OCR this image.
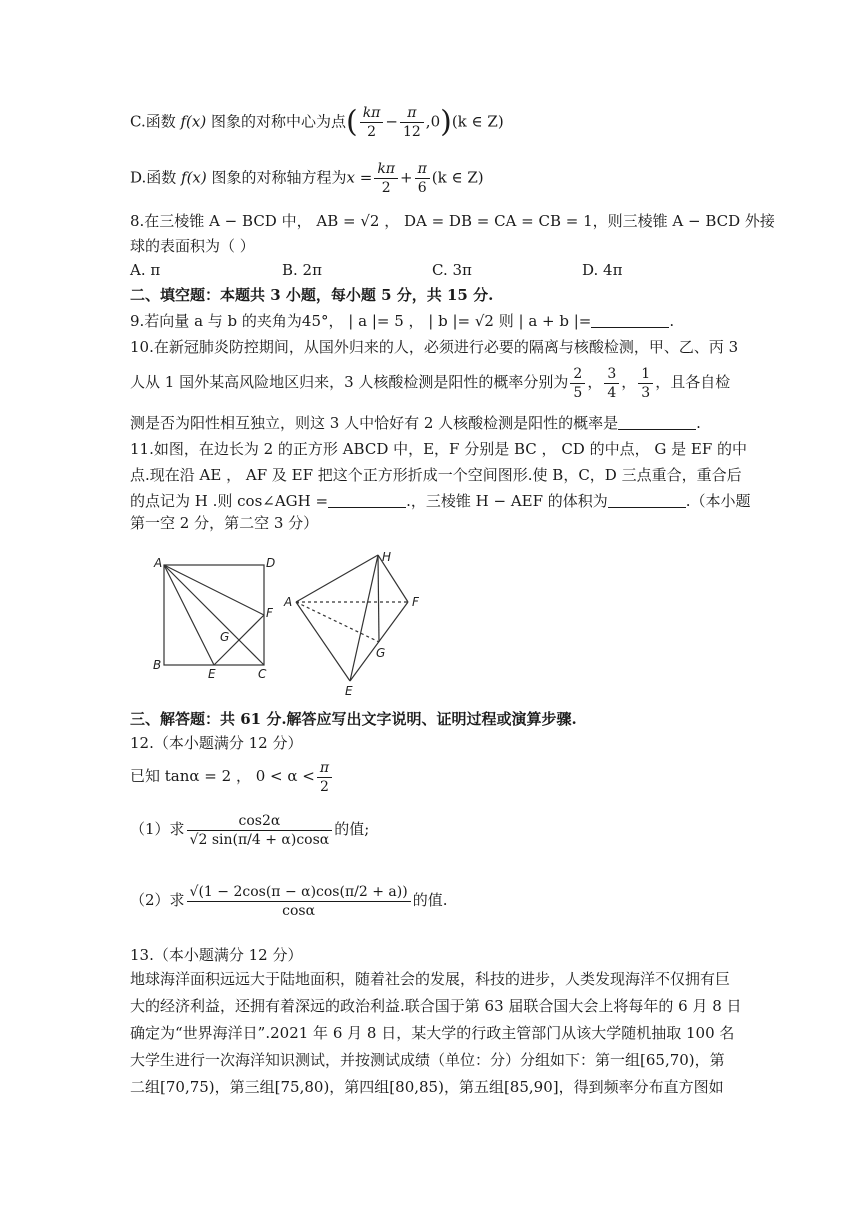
C.函数 f(x) 图象的对称中心为点( $\frac{k\pi}{2} - \frac{\pi}{12} ,0)(k$ ∈ Z)
D.函数 f(x) 图象的对称轴方程为$x = \frac{k\pi}{2} + \frac{\pi}{6} (k$ ∈ Z)
8.在三棱锥 A − BCD 中， AB = √2 ， DA = DB = CA = CB = 1，则三棱锥 A − BCD 外接
球的表面积为（ ）
A. π	B. 2π	C. 3π	D. 4π
二、填空题：本题共 3 小题，每小题 5 分，共 15 分.
9.若向量 a 与 b 的夹角为45°， | a |= 5 ， | b |= √2 则 | a + b |=	.
10.在新冠肺炎防控期间，从国外归来的人，必须进行必要的隔离与核酸检测，甲、乙、丙 3
人从 1 国外某高风险地区归来，3 人核酸检测是阳性的概率分别为 $\frac{2}{5}$ ， $\frac{3}{4}$ ， $\frac{1}{3}$ ，且各自检
测是否为阳性相互独立，则这 3 人中恰好有 2 人核酸检测是阳性的概率是	.
11.如图，在边长为 2 的正方形 ABCD 中，E，F 分别是 BC ， CD 的中点， G 是 EF 的中
点.现在沿 AE ， AF 及 EF 把这个正方形折成一个空间图形.使 B，C，D 三点重合，重合后
的点记为 H .则 cos∠AGH =	.，三棱锥 H − AEF 的体积为	.（本小题
第一空 2 分，第二空 3 分）
A	D
F
G
B
E	C
H
A	F
G
E
三、解答题：共 61 分.解答应写出文字说明、证明过程或演算步骤.
12.（本小题满分 12 分）
已知 tanα = 2 ， $0 < \alpha < \frac{\pi}{2}$
（1）求 $\frac{\cos 2\alpha}{√2 \sin(\pi/4 + \alpha)\cos\alpha}$ 的值;
（2）求 $\frac{√(1 - 2\cos(\pi - \alpha)\cos(\pi/2 + a))}{\cos\alpha}$ 的值.
13.（本小题满分 12 分）
地球海洋面积远远大于陆地面积，随着社会的发展，科技的进步，人类发现海洋不仅拥有巨
大的经济利益，还拥有着深远的政治利益.联合国于第 63 届联合国大会上将每年的 6 月 8 日
确定为“世界海洋日”.2021 年 6 月 8 日，某大学的行政主管部门从该大学随机抽取 100 名
大学生进行一次海洋知识测试，并按测试成绩（单位：分）分组如下：第一组[65,70)，第
二组[70,75)，第三组[75,80)，第四组[80,85)，第五组[85,90]，得到频率分布直方图如
